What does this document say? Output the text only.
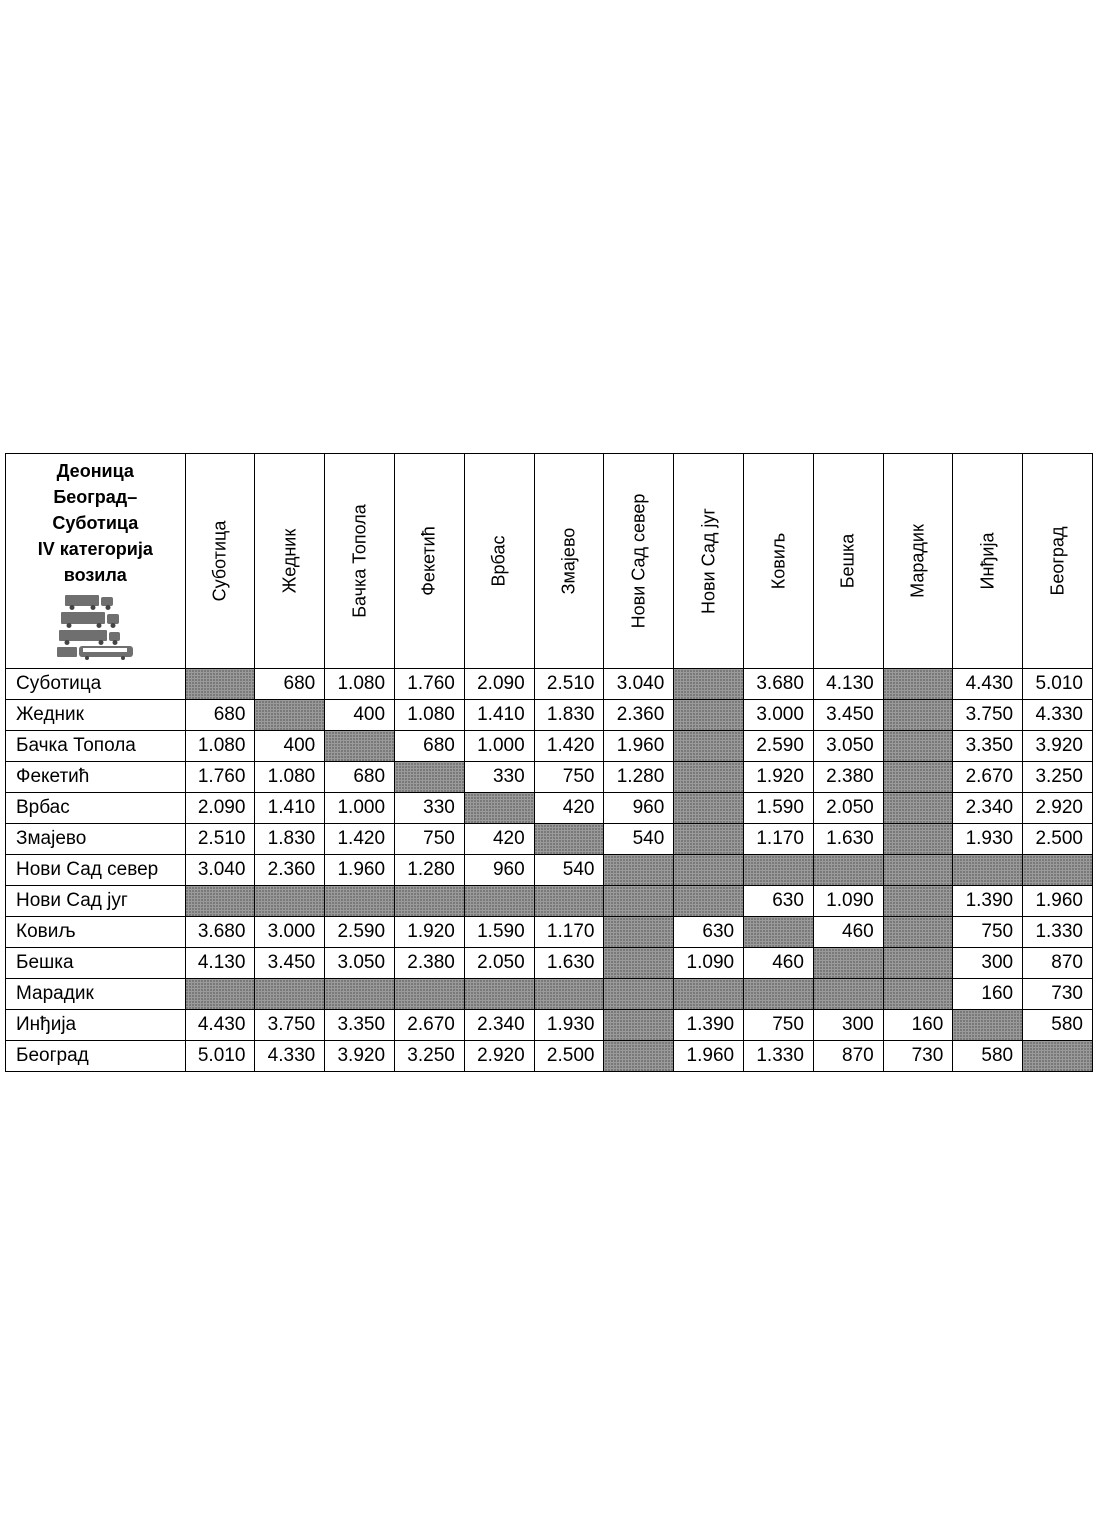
Деоница
Београд–
Суботица
IV категорија
возила	Суботица	Жедник	Бачка Топола	Фекетић	Врбас	Змајево	Нови Сад север	Нови Сад југ	Ковиљ	Бешка	Марадик	Инђија	Београд

Суботица		680	1.080	1.760	2.090	2.510	3.040		3.680	4.130		4.430	5.010
Жедник	680		400	1.080	1.410	1.830	2.360		3.000	3.450		3.750	4.330
Бачка Топола	1.080	400		680	1.000	1.420	1.960		2.590	3.050		3.350	3.920
Фекетић	1.760	1.080	680		330	750	1.280		1.920	2.380		2.670	3.250
Врбас	2.090	1.410	1.000	330		420	960		1.590	2.050		2.340	2.920
Змајево	2.510	1.830	1.420	750	420		540		1.170	1.630		1.930	2.500
Нови Сад север	3.040	2.360	1.960	1.280	960	540							
Нови Сад југ									630	1.090		1.390	1.960
Ковиљ	3.680	3.000	2.590	1.920	1.590	1.170		630		460		750	1.330
Бешка	4.130	3.450	3.050	2.380	2.050	1.630		1.090	460			300	870
Марадик												160	730
Инђија	4.430	3.750	3.350	2.670	2.340	1.930		1.390	750	300	160		580
Београд	5.010	4.330	3.920	3.250	2.920	2.500		1.960	1.330	870	730	580	
